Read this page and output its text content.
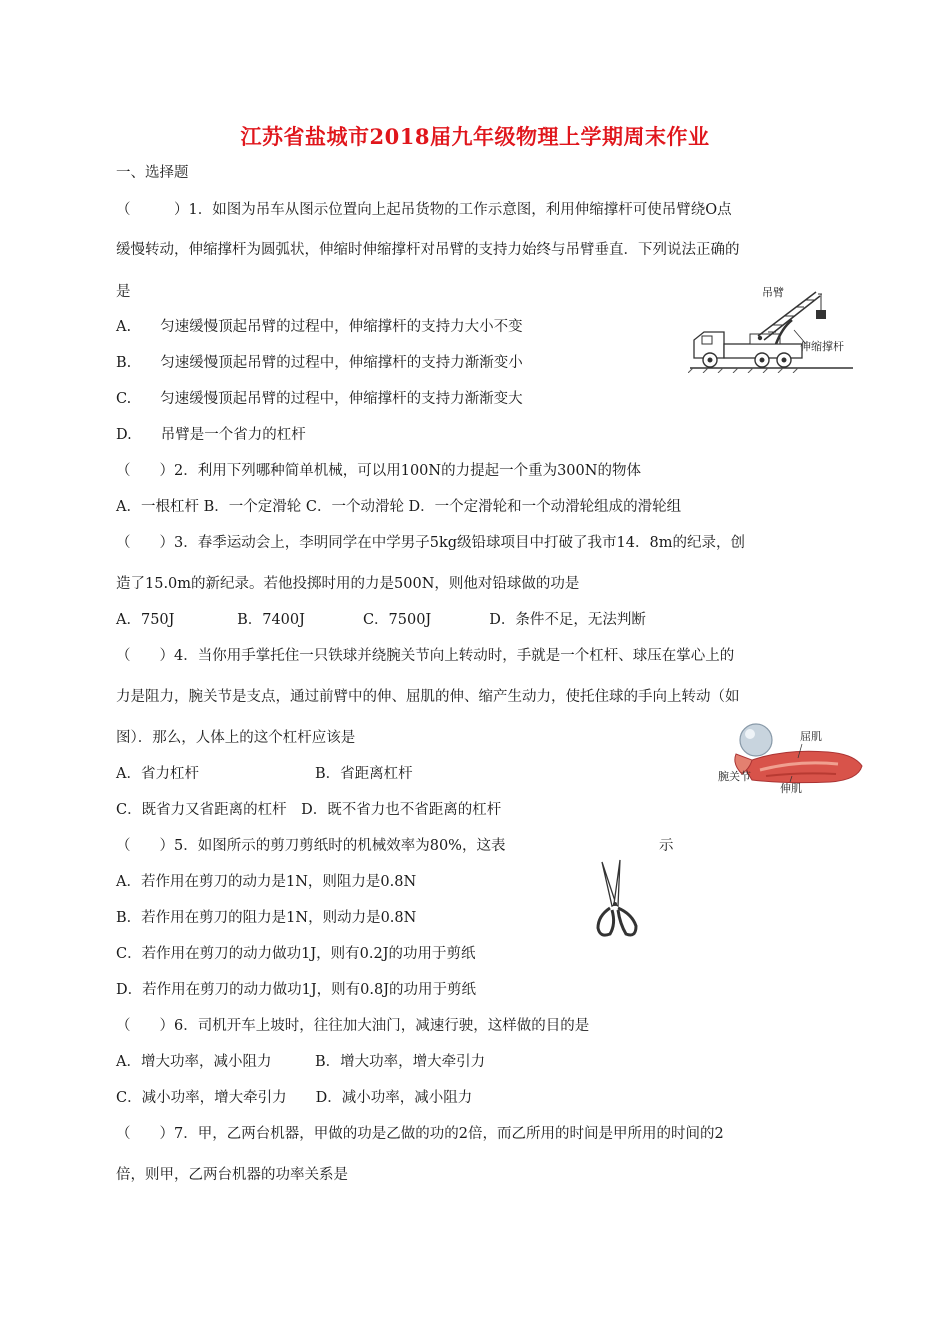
江苏省盐城市2018届九年级物理上学期周末作业
一、选择题
（　　　）1．如图为吊车从图示位置向上起吊货物的工作示意图，利用伸缩撑杆可使吊臂绕O点
缓慢转动，伸缩撑杆为圆弧状，伸缩时伸缩撑杆对吊臂的支持力始终与吊臂垂直．下列说法正确的
是
A.　　匀速缓慢顶起吊臂的过程中，伸缩撑杆的支持力大小不变
B.　　匀速缓慢顶起吊臂的过程中，伸缩撑杆的支持力渐渐变小
C.　　匀速缓慢顶起吊臂的过程中，伸缩撑杆的支持力渐渐变大
D.　　吊臂是一个省力的杠杆
吊臂
伸缩撑杆
（　　）2．利用下列哪种简单机械，可以用100N的力提起一个重为300N的物体
A．一根杠杆 B．一个定滑轮 C．一个动滑轮 D．一个定滑轮和一个动滑轮组成的滑轮组
（　　）3．春季运动会上，李明同学在中学男子5kg级铅球项目中打破了我市14．8m的纪录，创
造了15.0m的新纪录。若他投掷时用的力是500N，则他对铅球做的功是
A．750J　　　　 B．7400J　　　　C．7500J　　　　D．条件不足，无法判断
（　　）4．当你用手掌托住一只铁球并绕腕关节向上转动时，手就是一个杠杆、球压在掌心上的
力是阻力，腕关节是支点，通过前臂中的伸、屈肌的伸、缩产生动力，使托住球的手向上转动（如
图）．那么，人体上的这个杠杆应该是
A．省力杠杆　　　　　　　　B．省距离杠杆
C．既省力又省距离的杠杆　D．既不省力也不省距离的杠杆
屈肌
腕关节
伸肌
（　　）5．如图所示的剪刀剪纸时的机械效率为80%，这表	示
A．若作用在剪刀的动力是1N，则阻力是0.8N
B．若作用在剪刀的阻力是1N，则动力是0.8N
C．若作用在剪刀的动力做功1J，则有0.2J的功用于剪纸
D．若作用在剪刀的动力做功1J，则有0.8J的功用于剪纸
（　　）6．司机开车上坡时，往往加大油门，减速行驶，这样做的目的是
A．增大功率，减小阻力　　　B．增大功率，增大牵引力
C．减小功率，增大牵引力　　D．减小功率，减小阻力
（　　）7．甲，乙两台机器，甲做的功是乙做的功的2倍，而乙所用的时间是甲所用的时间的2
倍，则甲，乙两台机器的功率关系是
